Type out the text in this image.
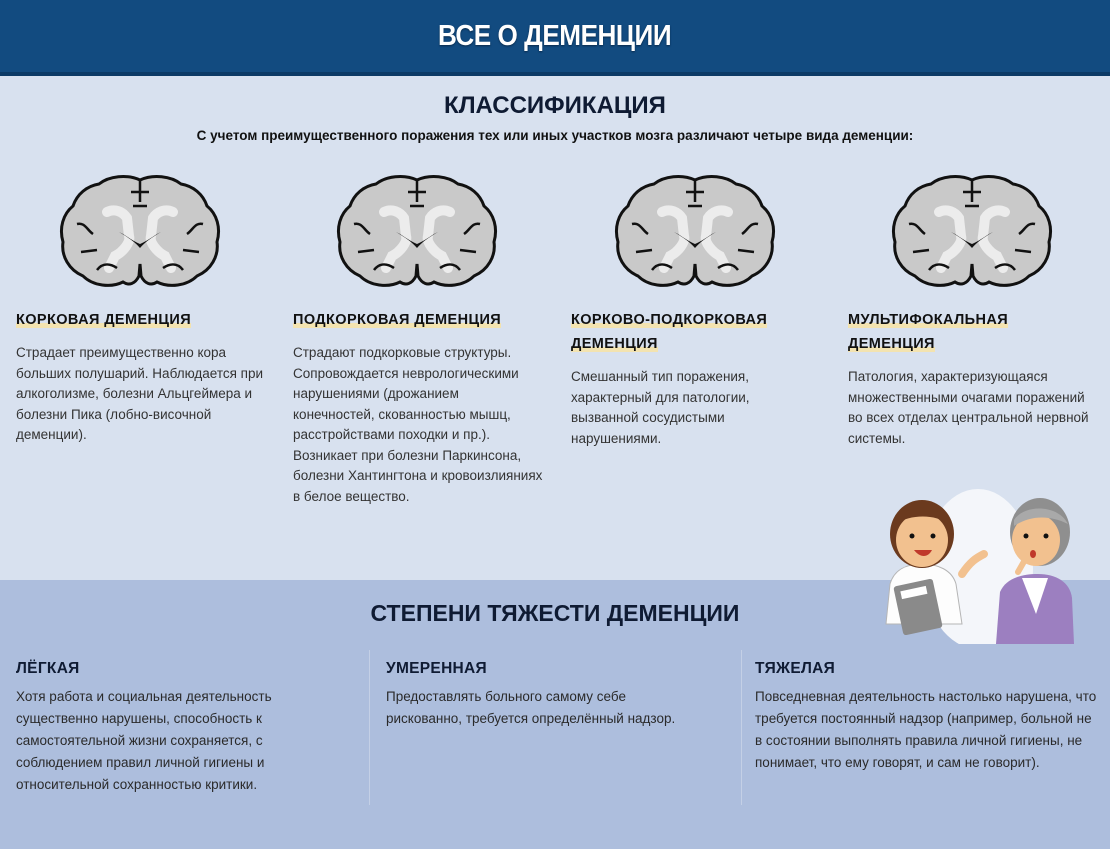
ВСЕ О ДЕМЕНЦИИ
КЛАССИФИКАЦИЯ
С учетом преимущественного поражения тех или иных участков мозга различают четыре вида деменции:
КОРКОВАЯ ДЕМЕНЦИЯ
Страдает преимущественно кора больших полушарий. Наблюдается при алкоголизме, болезни Альцгеймера и болезни Пика (лобно-височной деменции).
ПОДКОРКОВАЯ ДЕМЕНЦИЯ
Страдают подкорковые структуры. Сопровождается неврологическими нарушениями (дрожанием конечностей, скованностью мышц, расстройствами походки и пр.). Возникает при болезни Паркинсона, болезни Хантингтона и кровоизлияниях в белое вещество.
КОРКОВО-ПОДКОРКОВАЯ
ДЕМЕНЦИЯ
Смешанный тип поражения, характерный для патологии, вызванной сосудистыми нарушениями.
МУЛЬТИФОКАЛЬНАЯ
ДЕМЕНЦИЯ
Патология, характеризующаяся множественными очагами поражений во всех отделах центральной нервной системы.
СТЕПЕНИ ТЯЖЕСТИ ДЕМЕНЦИИ
ЛЁГКАЯ
Хотя работа и социальная деятельность существенно нарушены, способность к самостоятельной жизни сохраняется, с соблюдением правил личной гигиены и относительной сохранностью критики.
УМЕРЕННАЯ
Предоставлять больного самому себе рискованно, требуется определённый надзор.
ТЯЖЕЛАЯ
Повседневная деятельность настолько нарушена, что требуется постоянный надзор (например, больной не в состоянии выполнять правила личной гигиены, не понимает, что ему говорят, и сам не говорит).
